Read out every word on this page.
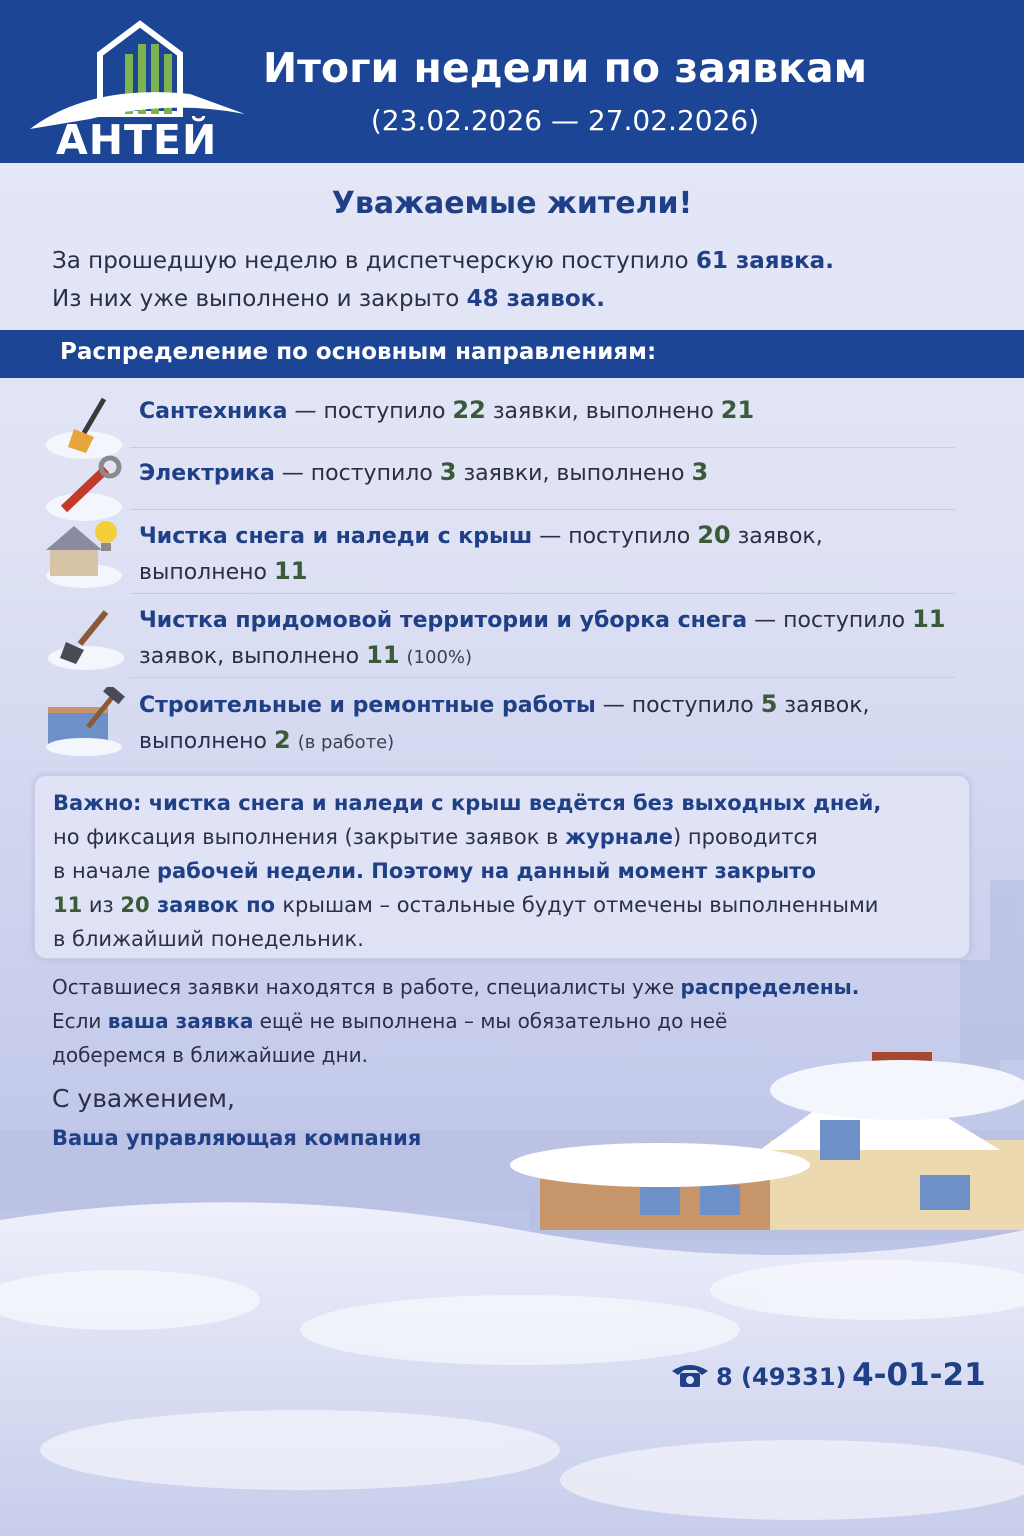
АНТЕЙ
Итоги недели по заявкам
(23.02.2026 — 27.02.2026)
Уважаемые жители!
За прошедшую неделю в диспетчерскую поступило 61 заявка.
Из них уже выполнено и закрыто 48 заявок.
Распределение по основным направлениям:
Сантехника — поступило 22 заявки, выполнено 21
Электрика — поступило 3 заявки, выполнено 3
Чистка снега и наледи с крыш — поступило 20 заявок,
выполнено 11
Чистка придомовой территории и уборка снега — поступило 11
заявок, выполнено 11 (100%)
Строительные и ремонтные работы — поступило 5 заявок,
выполнено 2 (в работе)
Важно: чистка снега и наледи с крыш ведётся без выходных дней,
но фиксация выполнения (закрытие заявок в журнале) проводится
в начале рабочей недели. Поэтому на данный момент закрыто
11 из 20 заявок по крышам – остальные будут отмечены выполненными
в ближайший понедельник.
Оставшиеся заявки находятся в работе, специалисты уже распределены.
Если ваша заявка ещё не выполнена – мы обязательно до неё
доберемся в ближайшие дни.
С уважением,
Ваша управляющая компания
8 (49331) 4-01-21
